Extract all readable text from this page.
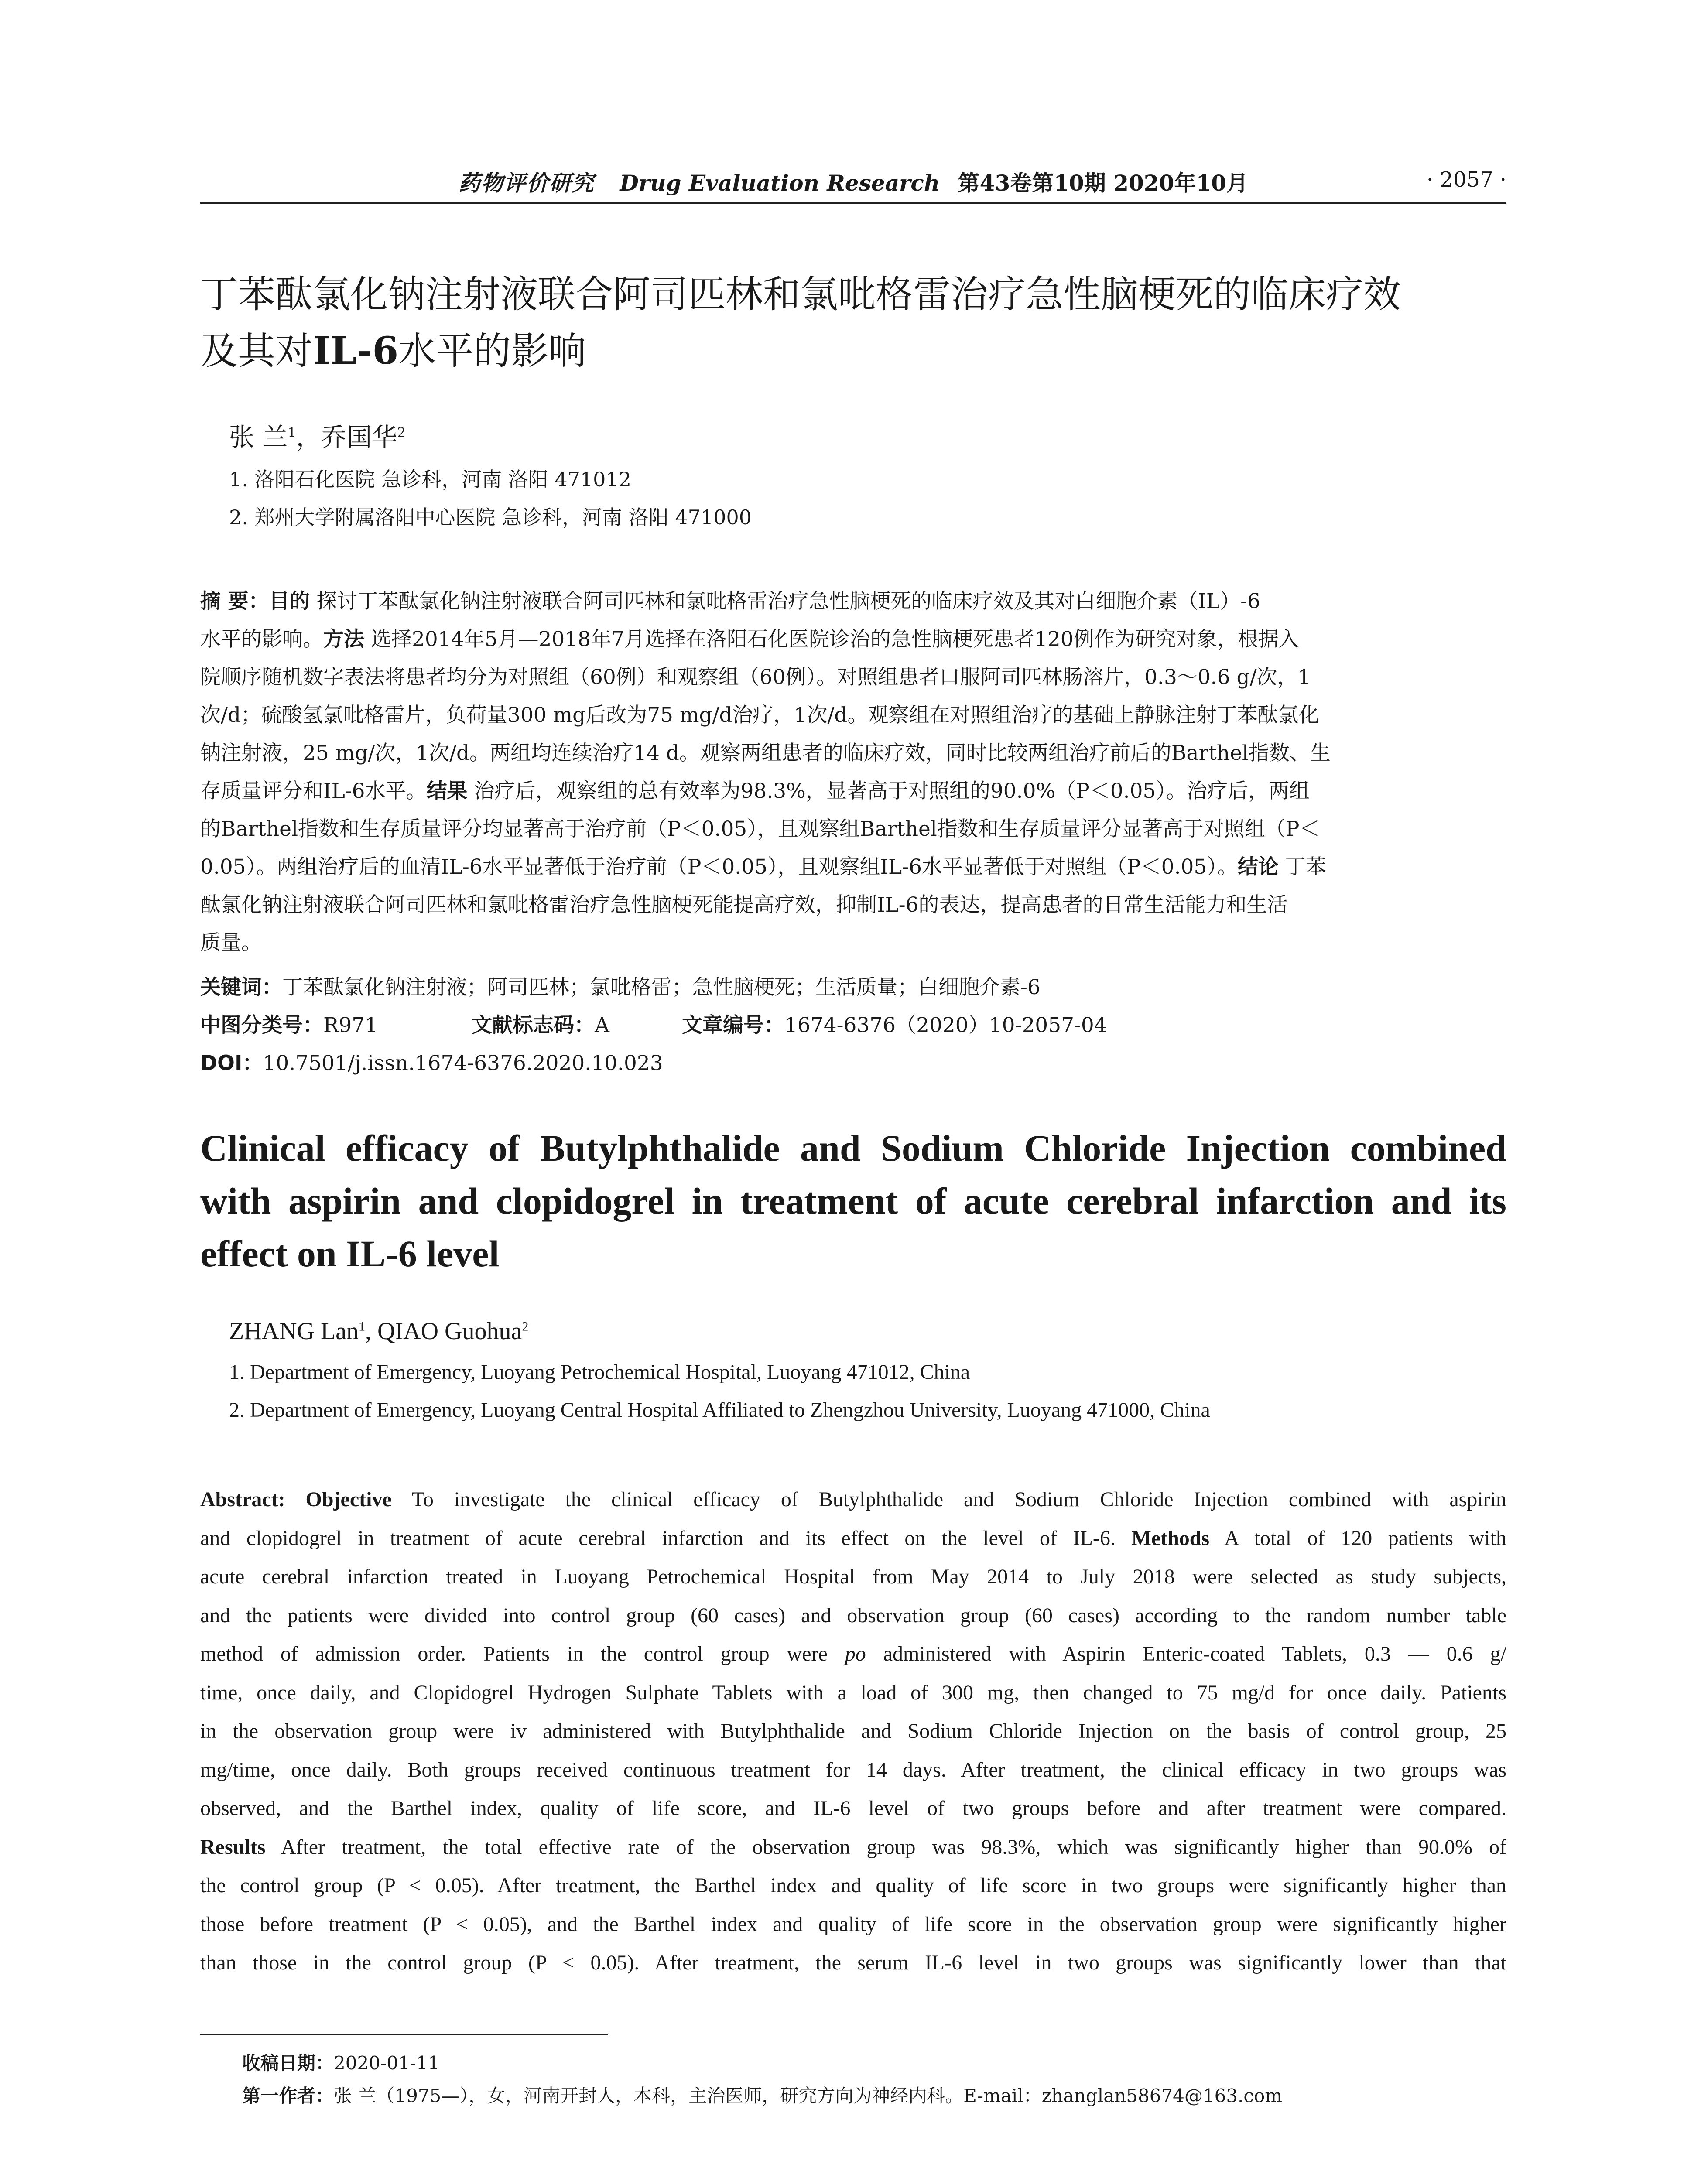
药物评价研究 Drug Evaluation Research 第43卷第10期 2020年10月	· 2057 ·
丁苯酞氯化钠注射液联合阿司匹林和氯吡格雷治疗急性脑梗死的临床疗效
及其对IL-6水平的影响
张 兰$^1$，乔国华$^2$
1. 洛阳石化医院 急诊科，河南 洛阳 471012
2. 郑州大学附属洛阳中心医院 急诊科，河南 洛阳 471000
摘 要：目的 探讨丁苯酞氯化钠注射液联合阿司匹林和氯吡格雷治疗急性脑梗死的临床疗效及其对白细胞介素（IL）-6
水平的影响。方法 选择2014年5月—2018年7月选择在洛阳石化医院诊治的急性脑梗死患者120例作为研究对象，根据入
院顺序随机数字表法将患者均分为对照组（60例）和观察组（60例）。对照组患者口服阿司匹林肠溶片，0.3～0.6 g/次，1
次/d；硫酸氢氯吡格雷片，负荷量300 mg后改为75 mg/d治疗，1次/d。观察组在对照组治疗的基础上静脉注射丁苯酞氯化
钠注射液，25 mg/次，1次/d。两组均连续治疗14 d。观察两组患者的临床疗效，同时比较两组治疗前后的Barthel指数、生
存质量评分和IL-6水平。结果 治疗后，观察组的总有效率为98.3%，显著高于对照组的90.0%（P＜0.05）。治疗后，两组
的Barthel指数和生存质量评分均显著高于治疗前（P＜0.05），且观察组Barthel指数和生存质量评分显著高于对照组（P＜
0.05）。两组治疗后的血清IL-6水平显著低于治疗前（P＜0.05），且观察组IL-6水平显著低于对照组（P＜0.05）。结论 丁苯
酞氯化钠注射液联合阿司匹林和氯吡格雷治疗急性脑梗死能提高疗效，抑制IL-6的表达，提高患者的日常生活能力和生活
质量。
关键词：丁苯酞氯化钠注射液；阿司匹林；氯吡格雷；急性脑梗死；生活质量；白细胞介素-6
中图分类号：R971	文献标志码：A	文章编号：1674-6376（2020）10-2057-04
DOI：10.7501/j.issn.1674-6376.2020.10.023
Clinical efficacy of Butylphthalide and Sodium Chloride Injection combined
with aspirin and clopidogrel in treatment of acute cerebral infarction and its
effect on IL-6 level
ZHANG Lan$^1$, QIAO Guohua$^2$
1. Department of Emergency, Luoyang Petrochemical Hospital, Luoyang 471012, China
2. Department of Emergency, Luoyang Central Hospital Affiliated to Zhengzhou University, Luoyang 471000, China
Abstract: Objective To investigate the clinical efficacy of Butylphthalide and Sodium Chloride Injection combined with aspirin
and clopidogrel in treatment of acute cerebral infarction and its effect on the level of IL-6. Methods A total of 120 patients with
acute cerebral infarction treated in Luoyang Petrochemical Hospital from May 2014 to July 2018 were selected as study subjects,
and the patients were divided into control group (60 cases) and observation group (60 cases) according to the random number table
method of admission order. Patients in the control group were po administered with Aspirin Enteric-coated Tablets, 0.3 — 0.6 g/
time, once daily, and Clopidogrel Hydrogen Sulphate Tablets with a load of 300 mg, then changed to 75 mg/d for once daily. Patients
in the observation group were iv administered with Butylphthalide and Sodium Chloride Injection on the basis of control group, 25
mg/time, once daily. Both groups received continuous treatment for 14 days. After treatment, the clinical efficacy in two groups was
observed, and the Barthel index, quality of life score, and IL-6 level of two groups before and after treatment were compared.
Results After treatment, the total effective rate of the observation group was 98.3%, which was significantly higher than 90.0% of
the control group (P < 0.05). After treatment, the Barthel index and quality of life score in two groups were significantly higher than
those before treatment (P < 0.05), and the Barthel index and quality of life score in the observation group were significantly higher
than those in the control group (P < 0.05). After treatment, the serum IL-6 level in two groups was significantly lower than that
收稿日期：2020-01-11
第一作者：张 兰（1975—），女，河南开封人，本科，主治医师，研究方向为神经内科。E-mail：zhanglan58674@163.com
